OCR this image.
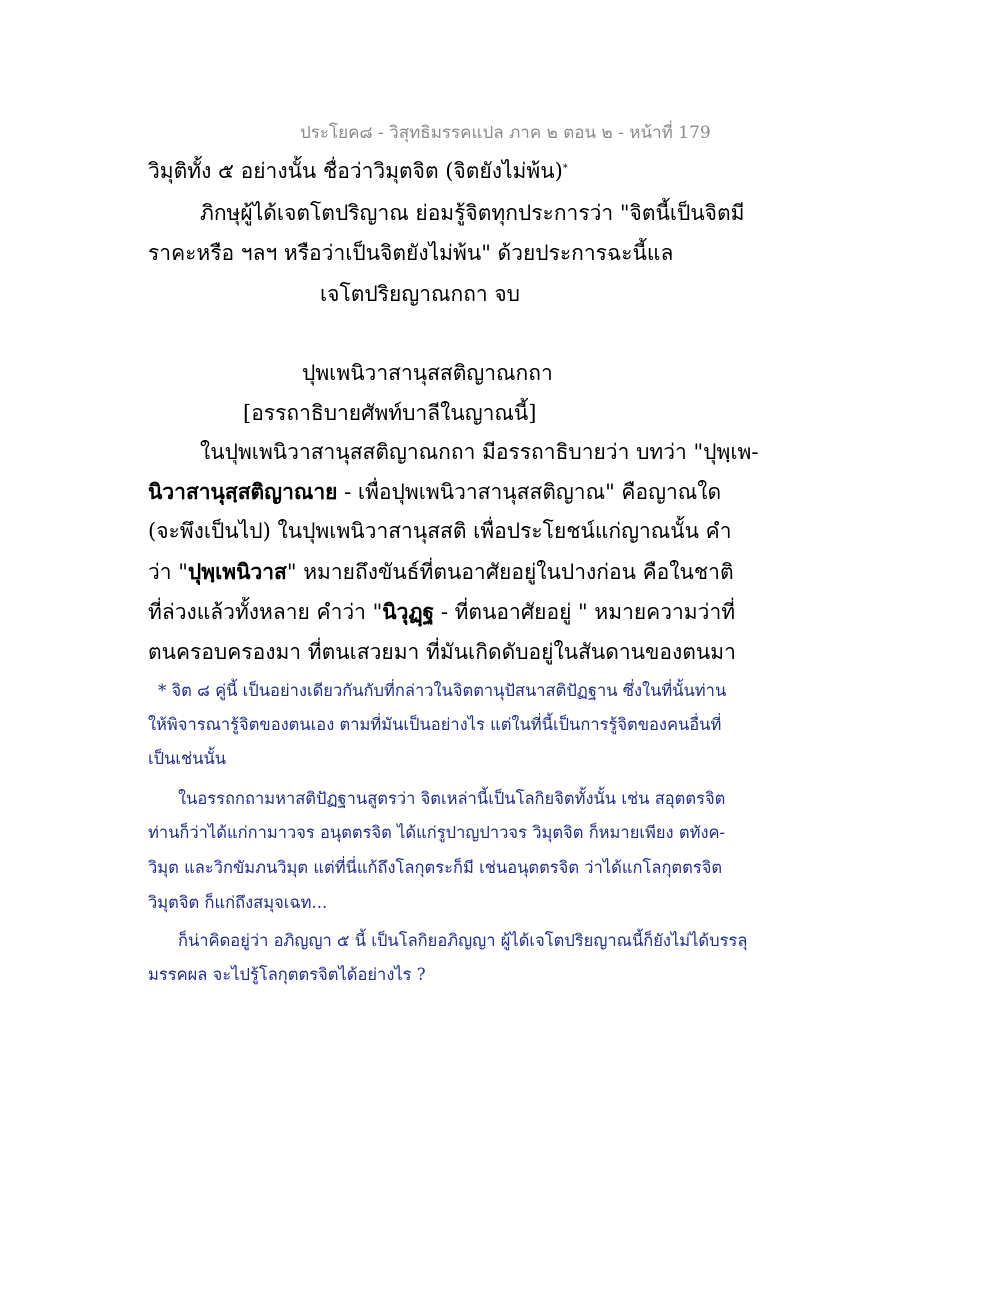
ประโยค๘ - วิสุทธิมรรคแปล ภาค ๒ ตอน ๒ - หน้าที่ 179
วิมุติทั้ง ๕ อย่างนั้น ชื่อว่าวิมุตจิต (จิตยังไม่พ้น)*
ภิกษุผู้ได้เจตโตปริญาณ ย่อมรู้จิตทุกประการว่า "จิตนี้เป็นจิตมี
ราคะหรือ ฯลฯ หรือว่าเป็นจิตยังไม่พ้น" ด้วยประการฉะนี้แล
เจโตปริยญาณกถา จบ
ปุพเพนิวาสานุสสติญาณกถา
[อรรถาธิบายศัพท์บาลีในญาณนี้]
ในปุพเพนิวาสานุสสติญาณกถา มีอรรถาธิบายว่า บทว่า "ปุพฺเพ-
นิวาสานุสฺสติญาณาย - เพื่อปุพเพนิวาสานุสสติญาณ" คือญาณใด
(จะพึงเป็นไป) ในปุพเพนิวาสานุสสติ เพื่อประโยชน์แก่ญาณนั้น คำ
ว่า "ปุพฺเพนิวาส" หมายถึงขันธ์ที่ตนอาศัยอยู่ในปางก่อน คือในชาติ
ที่ล่วงแล้วทั้งหลาย คำว่า "นิวุฏฺฐ - ที่ตนอาศัยอยู่ " หมายความว่าที่
ตนครอบครองมา ที่ตนเสวยมา ที่มันเกิดดับอยู่ในสันดานของตนมา
* จิต ๘ คู่นี้ เป็นอย่างเดียวกันกับที่กล่าวในจิตตานุปัสนาสติปัฏฐาน ซึ่งในที่นั้นท่าน
ให้พิจารณารู้จิตของตนเอง ตามที่มันเป็นอย่างไร แต่ในที่นี้เป็นการรู้จิตของคนอื่นที่
เป็นเช่นนั้น
ในอรรถกถามหาสติปัฏฐานสูตรว่า จิตเหล่านี้เป็นโลกิยจิตทั้งนั้น เช่น สอุตตรจิต
ท่านก็ว่าได้แก่กามาวจร อนุตตรจิต ได้แก่รูปาญปาวจร วิมุตจิต ก็หมายเพียง ตทังค-
วิมุต และวิกขัมภนวิมุต แต่ที่นี่แก้ถึงโลกุตระก็มี เช่นอนุตตรจิต ว่าได้แกโลกุตตรจิต
วิมุตจิต ก็แก่ถึงสมุจเฉท...
ก็น่าคิดอยู่ว่า อภิญญา ๕ นี้ เป็นโลกิยอภิญญา ผู้ได้เจโตปริยญาณนี้ก็ยังไม่ได้บรรลุ
มรรคผล จะไปรู้โลกุตตรจิตได้อย่างไร ?
